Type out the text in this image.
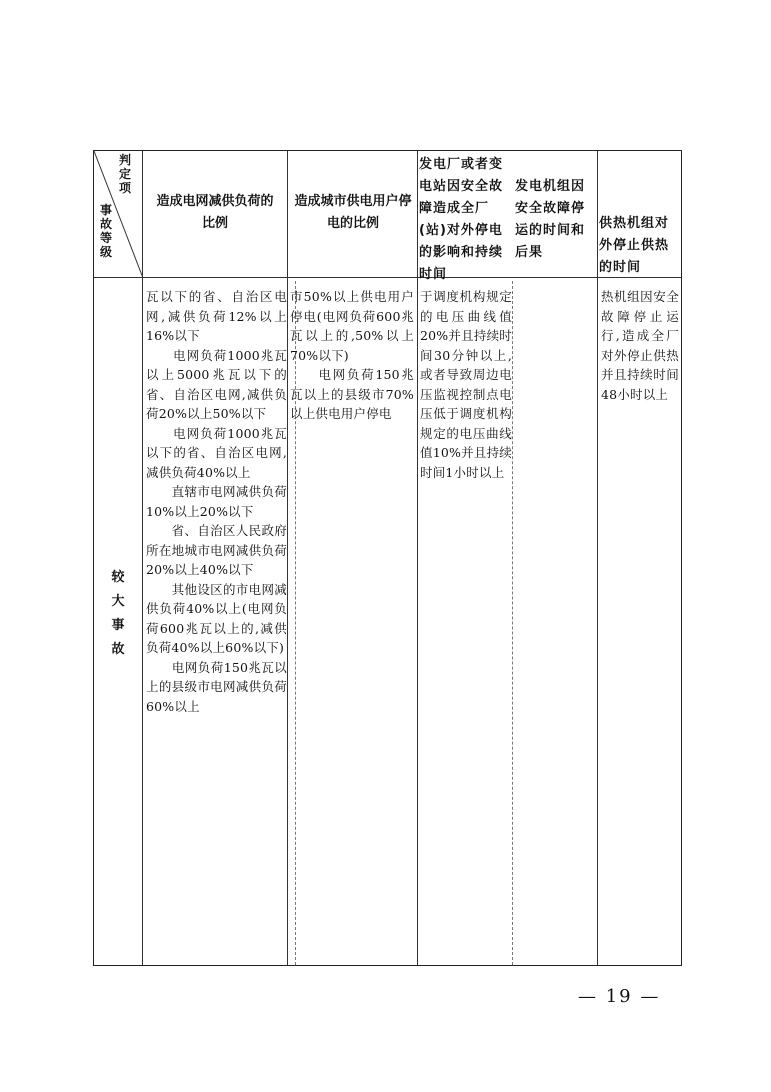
判定项
事故等级
造成电网减供负荷的比例
造成城市供电用户停电的比例
发电厂或者变电站因安全故障造成全厂(站)对外停电的影响和持续时间
发电机组因安全故障停运的时间和后果
供热机组对外停止供热的时间
较大事故
瓦以下的省、自治区电网,减供负荷12%以上16%以下
　　电网负荷1000兆瓦以上5000兆瓦以下的省、自治区电网,减供负荷20%以上50%以下
　　电网负荷1000兆瓦以下的省、自治区电网,减供负荷40%以上
　　直辖市电网减供负荷10%以上20%以下
　　省、自治区人民政府所在地城市电网减供负荷20%以上40%以下
　　其他设区的市电网减供负荷40%以上(电网负荷600兆瓦以上的,减供负荷40%以上60%以下)
　　电网负荷150兆瓦以上的县级市电网减供负荷60%以上
市50%以上供电用户停电(电网负荷600兆瓦以上的,50%以上70%以下)
　　电网负荷150兆瓦以上的县级市70%以上供电用户停电
于调度机构规定的电压曲线值20%并且持续时间30分钟以上,或者导致周边电压监视控制点电压低于调度机构规定的电压曲线值10%并且持续时间1小时以上
热机组因安全故障停止运行,造成全厂对外停止供热并且持续时间48小时以上
— 19 —
